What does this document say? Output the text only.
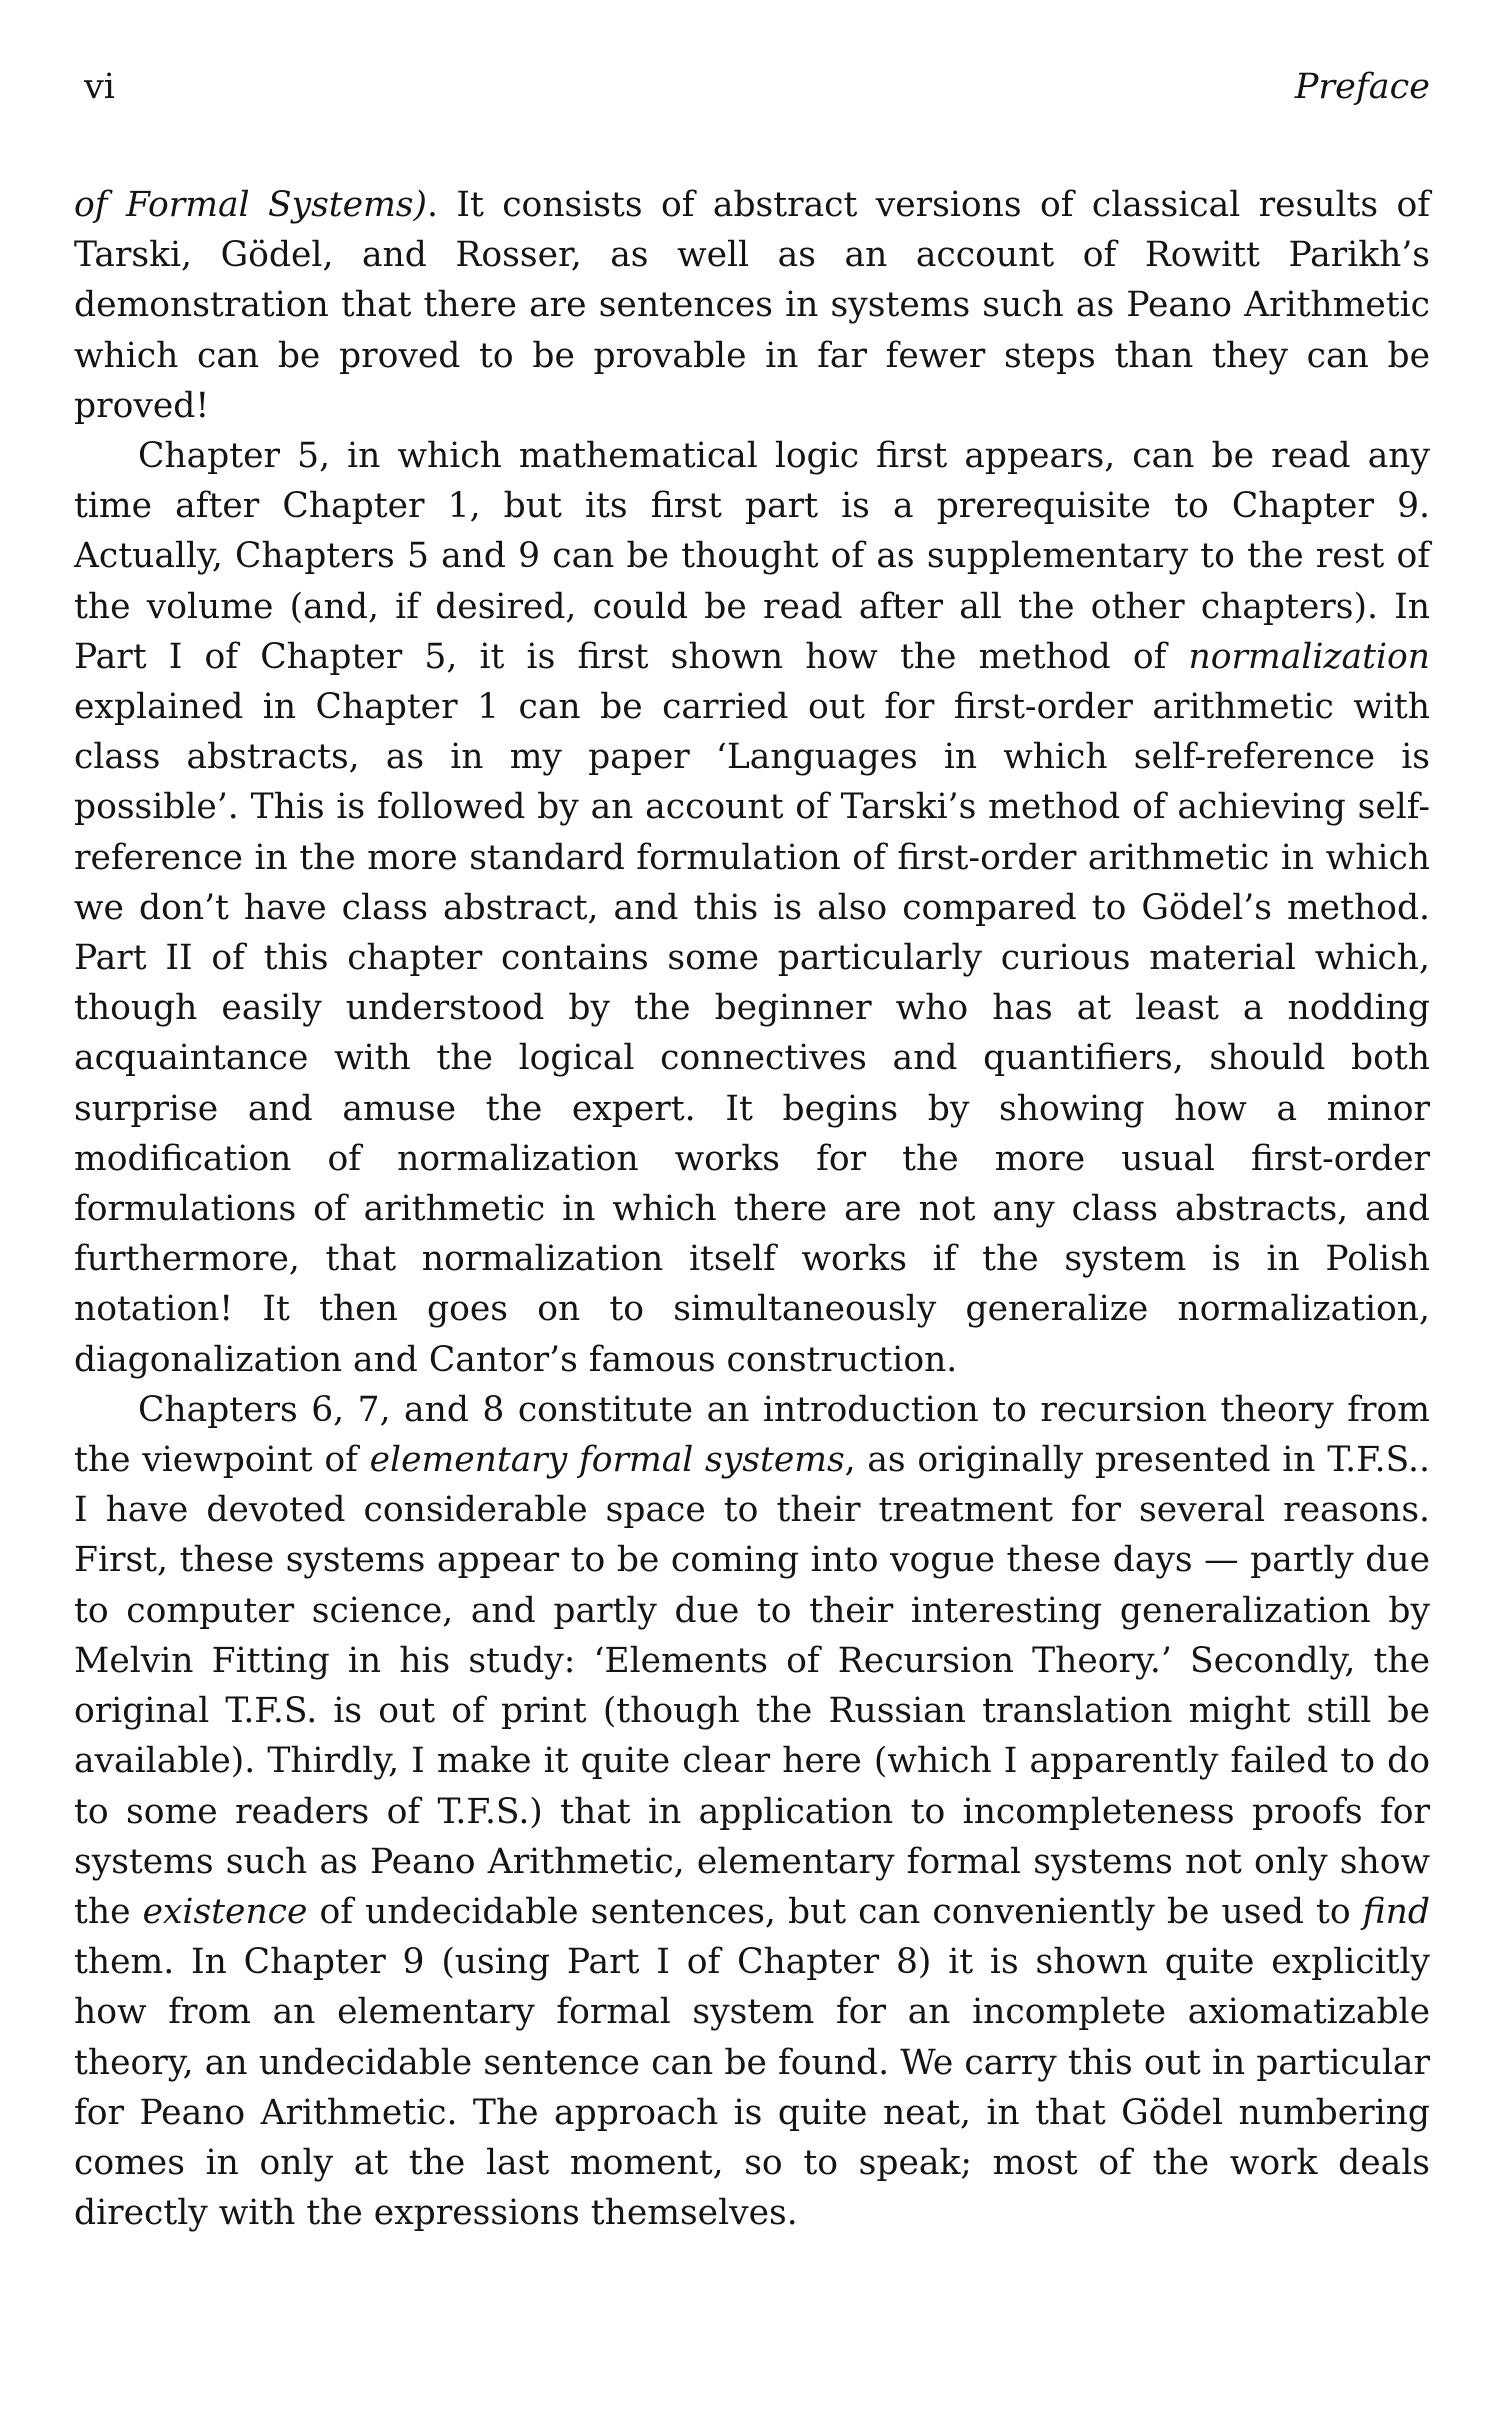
vi	Preface

of Formal Systems). It consists of abstract versions of classical results of Tarski, Gödel, and Rosser, as well as an account of Rowitt Parikh’s demonstration that there are sentences in systems such as Peano Arithmetic which can be proved to be provable in far fewer steps than they can be proved!

Chapter 5, in which mathematical logic first appears, can be read any time after Chapter 1, but its first part is a prerequisite to Chapter 9. Actually, Chapters 5 and 9 can be thought of as supplementary to the rest of the volume (and, if desired, could be read after all the other chapters). In Part I of Chapter 5, it is first shown how the method of normalization explained in Chapter 1 can be carried out for first-order arithmetic with class abstracts, as in my paper ‘Languages in which self-reference is possible’. This is followed by an account of Tarski’s method of achieving self-reference in the more standard formulation of first-order arithmetic in which we don’t have class abstract, and this is also compared to Gödel’s method. Part II of this chapter contains some particularly curious material which, though easily understood by the beginner who has at least a nodding acquaintance with the logical connectives and quantifiers, should both surprise and amuse the expert. It begins by showing how a minor modification of normalization works for the more usual first-order formulations of arithmetic in which there are not any class abstracts, and furthermore, that normalization itself works if the system is in Polish notation! It then goes on to simultaneously generalize normalization, diagonalization and Cantor’s famous construction.

Chapters 6, 7, and 8 constitute an introduction to recursion theory from the viewpoint of elementary formal systems, as originally presented in T.F.S.. I have devoted considerable space to their treatment for several reasons. First, these systems appear to be coming into vogue these days — partly due to computer science, and partly due to their interesting generalization by Melvin Fitting in his study: ‘Elements of Recursion Theory.’ Secondly, the original T.F.S. is out of print (though the Russian translation might still be available). Thirdly, I make it quite clear here (which I apparently failed to do to some readers of T.F.S.) that in application to incompleteness proofs for systems such as Peano Arithmetic, elementary formal systems not only show the existence of undecidable sentences, but can conveniently be used to find them. In Chapter 9 (using Part I of Chapter 8) it is shown quite explicitly how from an elementary formal system for an incomplete axiomatizable theory, an undecidable sentence can be found. We carry this out in particular for Peano Arithmetic. The approach is quite neat, in that Gödel numbering comes in only at the last moment, so to speak; most of the work deals directly with the expressions themselves.
